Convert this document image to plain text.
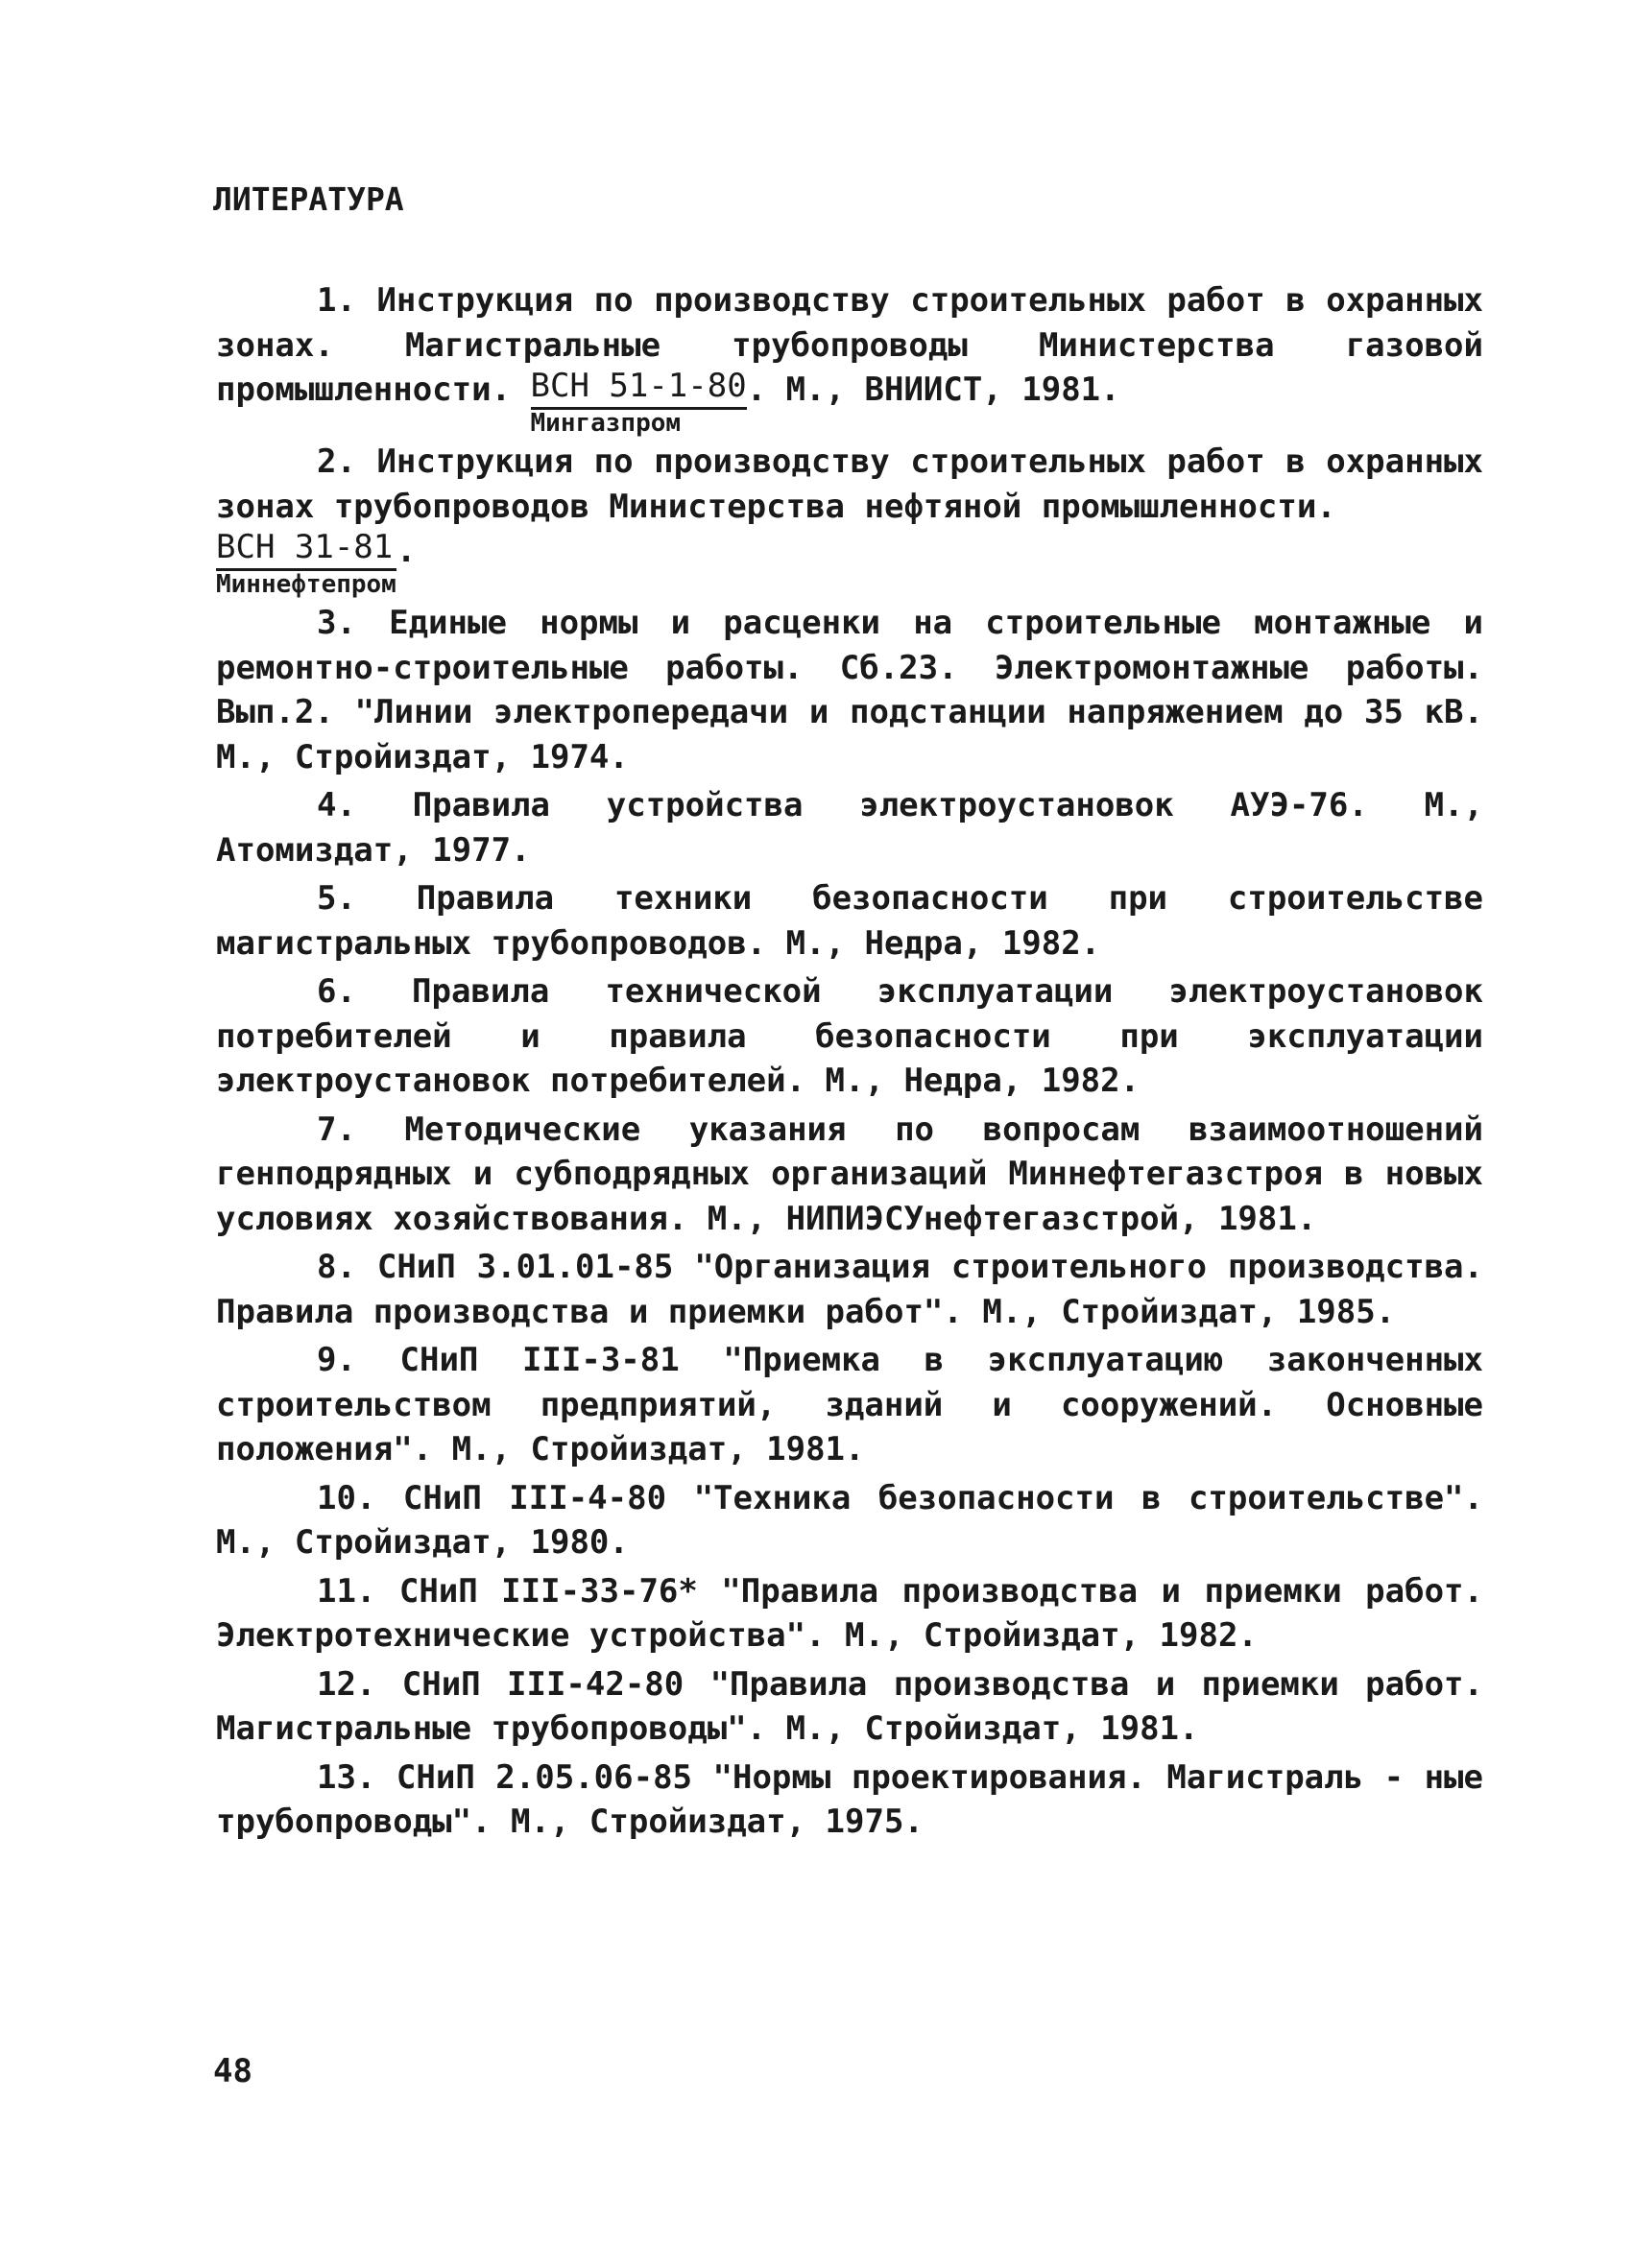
ЛИТЕРАТУРА

1. Инструкция по производству строительных работ в охранных зонах. Магистральные трубопроводы Министерства газовой промышленности. $\frac{\text{ВСН 51-1-80}}{\text{Мингазпром}}$ . М., ВНИИСТ, 1981.

2. Инструкция по производству строительных работ в охранных зонах трубопроводов Министерства нефтяной промышленности.
$\frac{\text{ВСН 31-81}}{\text{Миннефтепром}}$ .

3. Единые нормы и расценки на строительные монтажные и ремонтно-строительные работы. Сб.23. Электромонтажные работы. Вып.2. "Линии электропередачи и подстанции напряжением до 35 кВ. М., Стройиздат, 1974.

4. Правила устройства электроустановок АУЭ-76. М., Атомиздат, 1977.

5. Правила техники безопасности при строительстве магистральных трубопроводов. М., Недра, 1982.

6. Правила технической эксплуатации электроустановок потребителей и правила безопасности при эксплуатации электроустановок потребителей. М., Недра, 1982.

7. Методические указания по вопросам взаимоотношений генподрядных и субподрядных организаций Миннефтегазстроя в новых условиях хозяйствования. М., НИПИЭСУнефтегазстрой, 1981.

8. СНиП 3.01.01-85 "Организация строительного производства. Правила производства и приемки работ". М., Стройиздат, 1985.

9. СНиП III-3-81 "Приемка в эксплуатацию законченных строительством предприятий, зданий и сооружений. Основные положения". М., Стройиздат, 1981.

10. СНиП III-4-80 "Техника безопасности в строительстве". М., Стройиздат, 1980.

11. СНиП III-33-76* "Правила производства и приемки работ. Электротехнические устройства". М., Стройиздат, 1982.

12. СНиП III-42-80 "Правила производства и приемки работ. Магистральные трубопроводы". М., Стройиздат, 1981.

13. СНиП 2.05.06-85 "Нормы проектирования. Магистраль - ные трубопроводы". М., Стройиздат, 1975.

48
